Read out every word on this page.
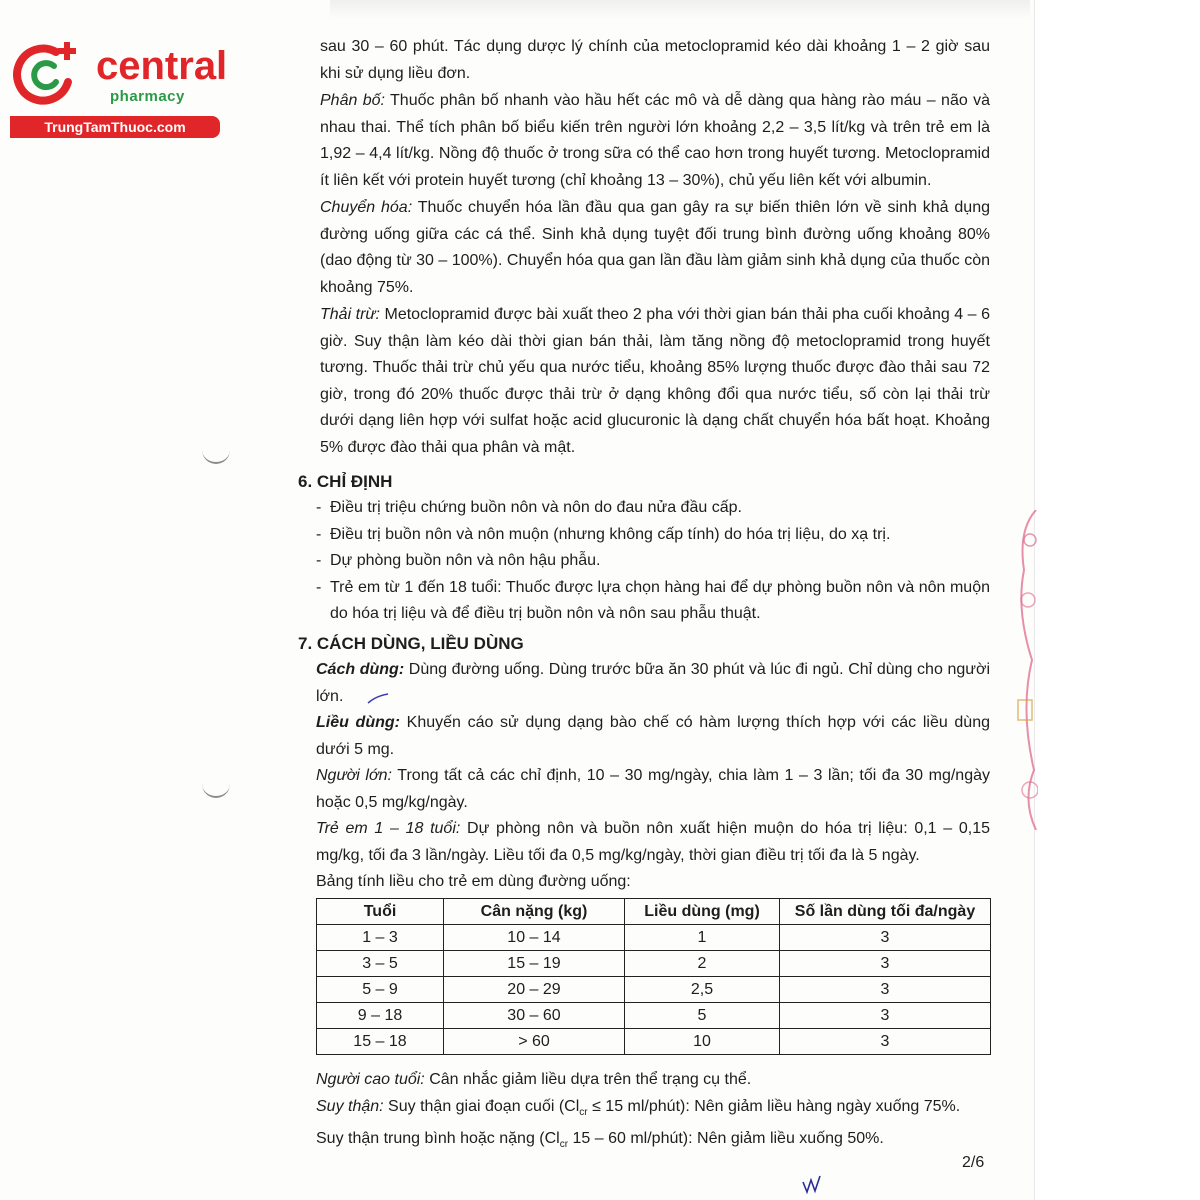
central
pharmacy
TrungTamThuoc.com

sau 30 – 60 phút. Tác dụng dược lý chính của metoclopramid kéo dài khoảng 1 – 2 giờ sau khi sử dụng liều đơn.

Phân bố: Thuốc phân bố nhanh vào hầu hết các mô và dễ dàng qua hàng rào máu – não và nhau thai. Thể tích phân bố biểu kiến trên người lớn khoảng 2,2 – 3,5 lít/kg và trên trẻ em là 1,92 – 4,4 lít/kg. Nồng độ thuốc ở trong sữa có thể cao hơn trong huyết tương. Metoclopramid ít liên kết với protein huyết tương (chỉ khoảng 13 – 30%), chủ yếu liên kết với albumin.

Chuyển hóa: Thuốc chuyển hóa lần đầu qua gan gây ra sự biến thiên lớn về sinh khả dụng đường uống giữa các cá thể. Sinh khả dụng tuyệt đối trung bình đường uống khoảng 80% (dao động từ 30 – 100%). Chuyển hóa qua gan lần đầu làm giảm sinh khả dụng của thuốc còn khoảng 75%.

Thải trừ: Metoclopramid được bài xuất theo 2 pha với thời gian bán thải pha cuối khoảng 4 – 6 giờ. Suy thận làm kéo dài thời gian bán thải, làm tăng nồng độ metoclopramid trong huyết tương. Thuốc thải trừ chủ yếu qua nước tiểu, khoảng 85% lượng thuốc được đào thải sau 72 giờ, trong đó 20% thuốc được thải trừ ở dạng không đổi qua nước tiểu, số còn lại thải trừ dưới dạng liên hợp với sulfat hoặc acid glucuronic là dạng chất chuyển hóa bất hoạt. Khoảng 5% được đào thải qua phân và mật.

6. CHỈ ĐỊNH
- Điều trị triệu chứng buồn nôn và nôn do đau nửa đầu cấp.
- Điều trị buồn nôn và nôn muộn (nhưng không cấp tính) do hóa trị liệu, do xạ trị.
- Dự phòng buồn nôn và nôn hậu phẫu.
- Trẻ em từ 1 đến 18 tuổi: Thuốc được lựa chọn hàng hai để dự phòng buồn nôn và nôn muộn do hóa trị liệu và để điều trị buồn nôn và nôn sau phẫu thuật.
7. CÁCH DÙNG, LIỀU DÙNG
Cách dùng: Dùng đường uống. Dùng trước bữa ăn 30 phút và lúc đi ngủ. Chỉ dùng cho người lớn.
Liều dùng: Khuyến cáo sử dụng dạng bào chế có hàm lượng thích hợp với các liều dùng dưới 5 mg.
Người lớn: Trong tất cả các chỉ định, 10 – 30 mg/ngày, chia làm 1 – 3 lần; tối đa 30 mg/ngày hoặc 0,5 mg/kg/ngày.
Trẻ em 1 – 18 tuổi: Dự phòng nôn và buồn nôn xuất hiện muộn do hóa trị liệu: 0,1 – 0,15 mg/kg, tối đa 3 lần/ngày. Liều tối đa 0,5 mg/kg/ngày, thời gian điều trị tối đa là 5 ngày.
Bảng tính liều cho trẻ em dùng đường uống:
Tuổi	Cân nặng (kg)	Liều dùng (mg)	Số lần dùng tối đa/ngày
1 – 3	10 – 14	1	3
3 – 5	15 – 19	2	3
5 – 9	20 – 29	2,5	3
9 – 18	30 – 60	5	3
15 – 18	> 60	10	3
Người cao tuổi: Cân nhắc giảm liều dựa trên thể trạng cụ thể.
Suy thận: Suy thận giai đoạn cuối ($Cl_{cr} \le 15$ ml/phút): Nên giảm liều hàng ngày xuống 75%.
Suy thận trung bình hoặc nặng ($Cl_{cr}$ 15 – 60 ml/phút): Nên giảm liều xuống 50%.
2/6
